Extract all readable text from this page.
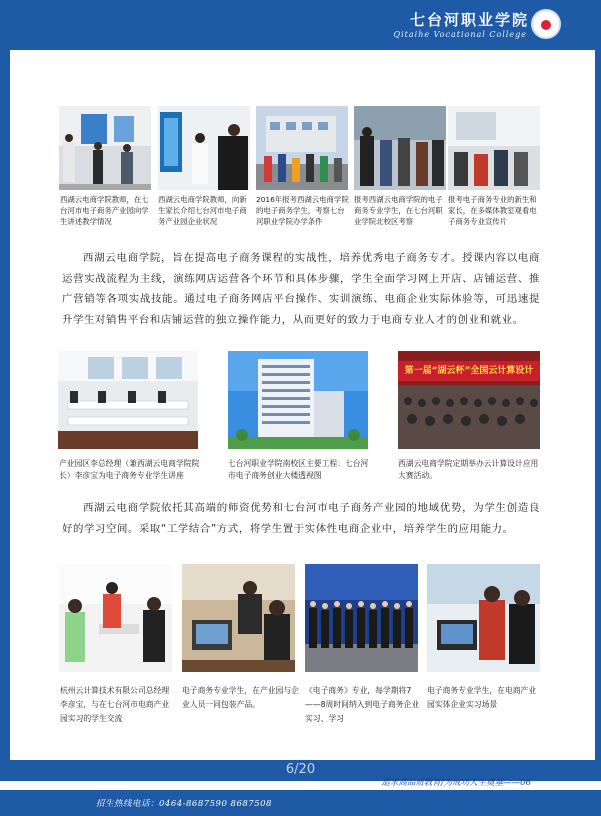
七台河职业学院
Qitaihe Vocational College
西湖云电商学院教师，在七台河市电子商务产业园向学生讲述教学情况
西湖云电商学院教师，向新生家长介绍七台河市电子商务产业园企业状况
2016年报考西湖云电商学院的电子商务学生，考察七台河职业学院办学条件
报考西湖云电商学院的电子商务专业学生，在七台河职业学院北校区考察
报考电子商务专业的新生和家长，在多媒体教室观看电子商务专业宣传片
西湖云电商学院，旨在提高电子商务课程的实战性，培养优秀电子商务专才。授课内容以电商运营实战流程为主线，演练网店运营各个环节和具体步骤，学生全面学习网上开店、店铺运营、推广营销等各项实战技能。通过电子商务网店平台操作、实训演练、电商企业实际体验等，可迅速提升学生对销售平台和店铺运营的独立操作能力，从而更好的致力于电商专业人才的创业和就业。
第一届“湖云杯”全国云计算设计
产业园区李总经理（兼西湖云电商学院院长）李彦宝为电子商务专业学生讲座
七台河职业学院南校区主要工程：七台河市电子商务创业大楼透视图
西湖云电商学院定期举办云计算设计应用大赛活动。
西湖云电商学院依托其高端的师资优势和七台河市电子商务产业园的地域优势，为学生创造良好的学习空间。采取“工学结合”方式，将学生置于实体性电商企业中，培养学生的应用能力。
杭州云计算技术有限公司总经理李彦宝，与在七台河市电商产业园实习的学生交流
电子商务专业学生，在产业园与企业人员一同包装产品。
《电子商务》专业，每学期将7——8周时间纳入到电子商务企业实习、学习
电子商务专业学生，在电商产业园实体企业实习场景
6/20
追求高品质教育/为成功人生奠基——06
招生热线电话：0464-8687590 8687508
